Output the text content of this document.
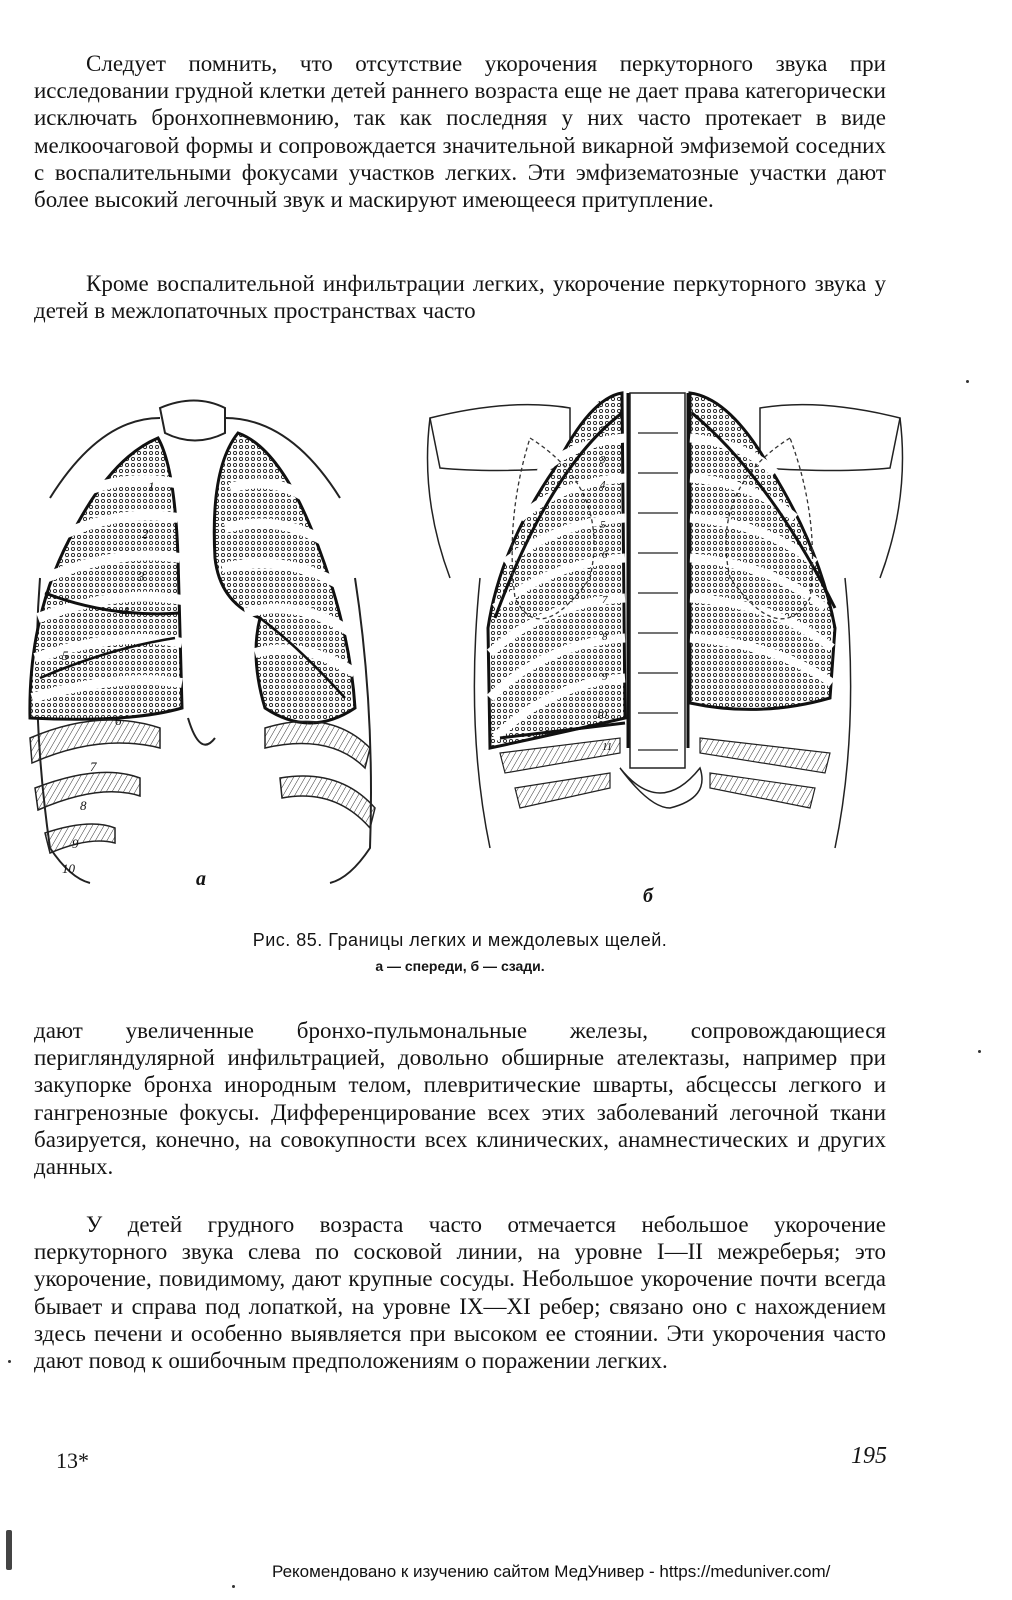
Следует помнить, что отсутствие укорочения перкуторного звука при исследовании грудной клетки детей раннего возраста еще не дает права категорически исключать бронхопневмонию, так как последняя у них часто протекает в виде мелкоочаговой формы и сопровождается значительной викарной эмфиземой соседних с воспалительными фокусами участков легких. Эти эмфизематозные участки дают более высокий легочный звук и маскируют имеющееся притупление.

Кроме воспалительной инфильтрации легких, укорочение перкуторного звука у детей в межлопаточных пространствах часто

1
2
3
4
5
6
7
8
9
10
1
2
3
4
5
6
7
8
9
10
11
a
б
Рис. 85. Границы легких и междолевых щелей.
а — спереди, б — сзади.

дают увеличенные бронхо-пульмональные железы, сопровождающиеся перигляндулярной инфильтрацией, довольно обширные ателектазы, например при закупорке бронха инородным телом, плевритические шварты, абсцессы легкого и гангренозные фокусы. Дифференцирование всех этих заболеваний легочной ткани базируется, конечно, на совокупности всех клинических, анамнестических и других данных.

У детей грудного возраста часто отмечается небольшое укорочение перкуторного звука слева по сосковой линии, на уровне I—II межреберья; это укорочение, повидимому, дают крупные сосуды. Небольшое укорочение почти всегда бывает и справа под лопаткой, на уровне IX—XI ребер; связано оно с нахождением здесь печени и особенно выявляется при высоком ее стоянии. Эти укорочения часто дают повод к ошибочным предположениям о поражении легких.

13*	195
Рекомендовано к изучению сайтом МедУнивер - https://meduniver.com/
